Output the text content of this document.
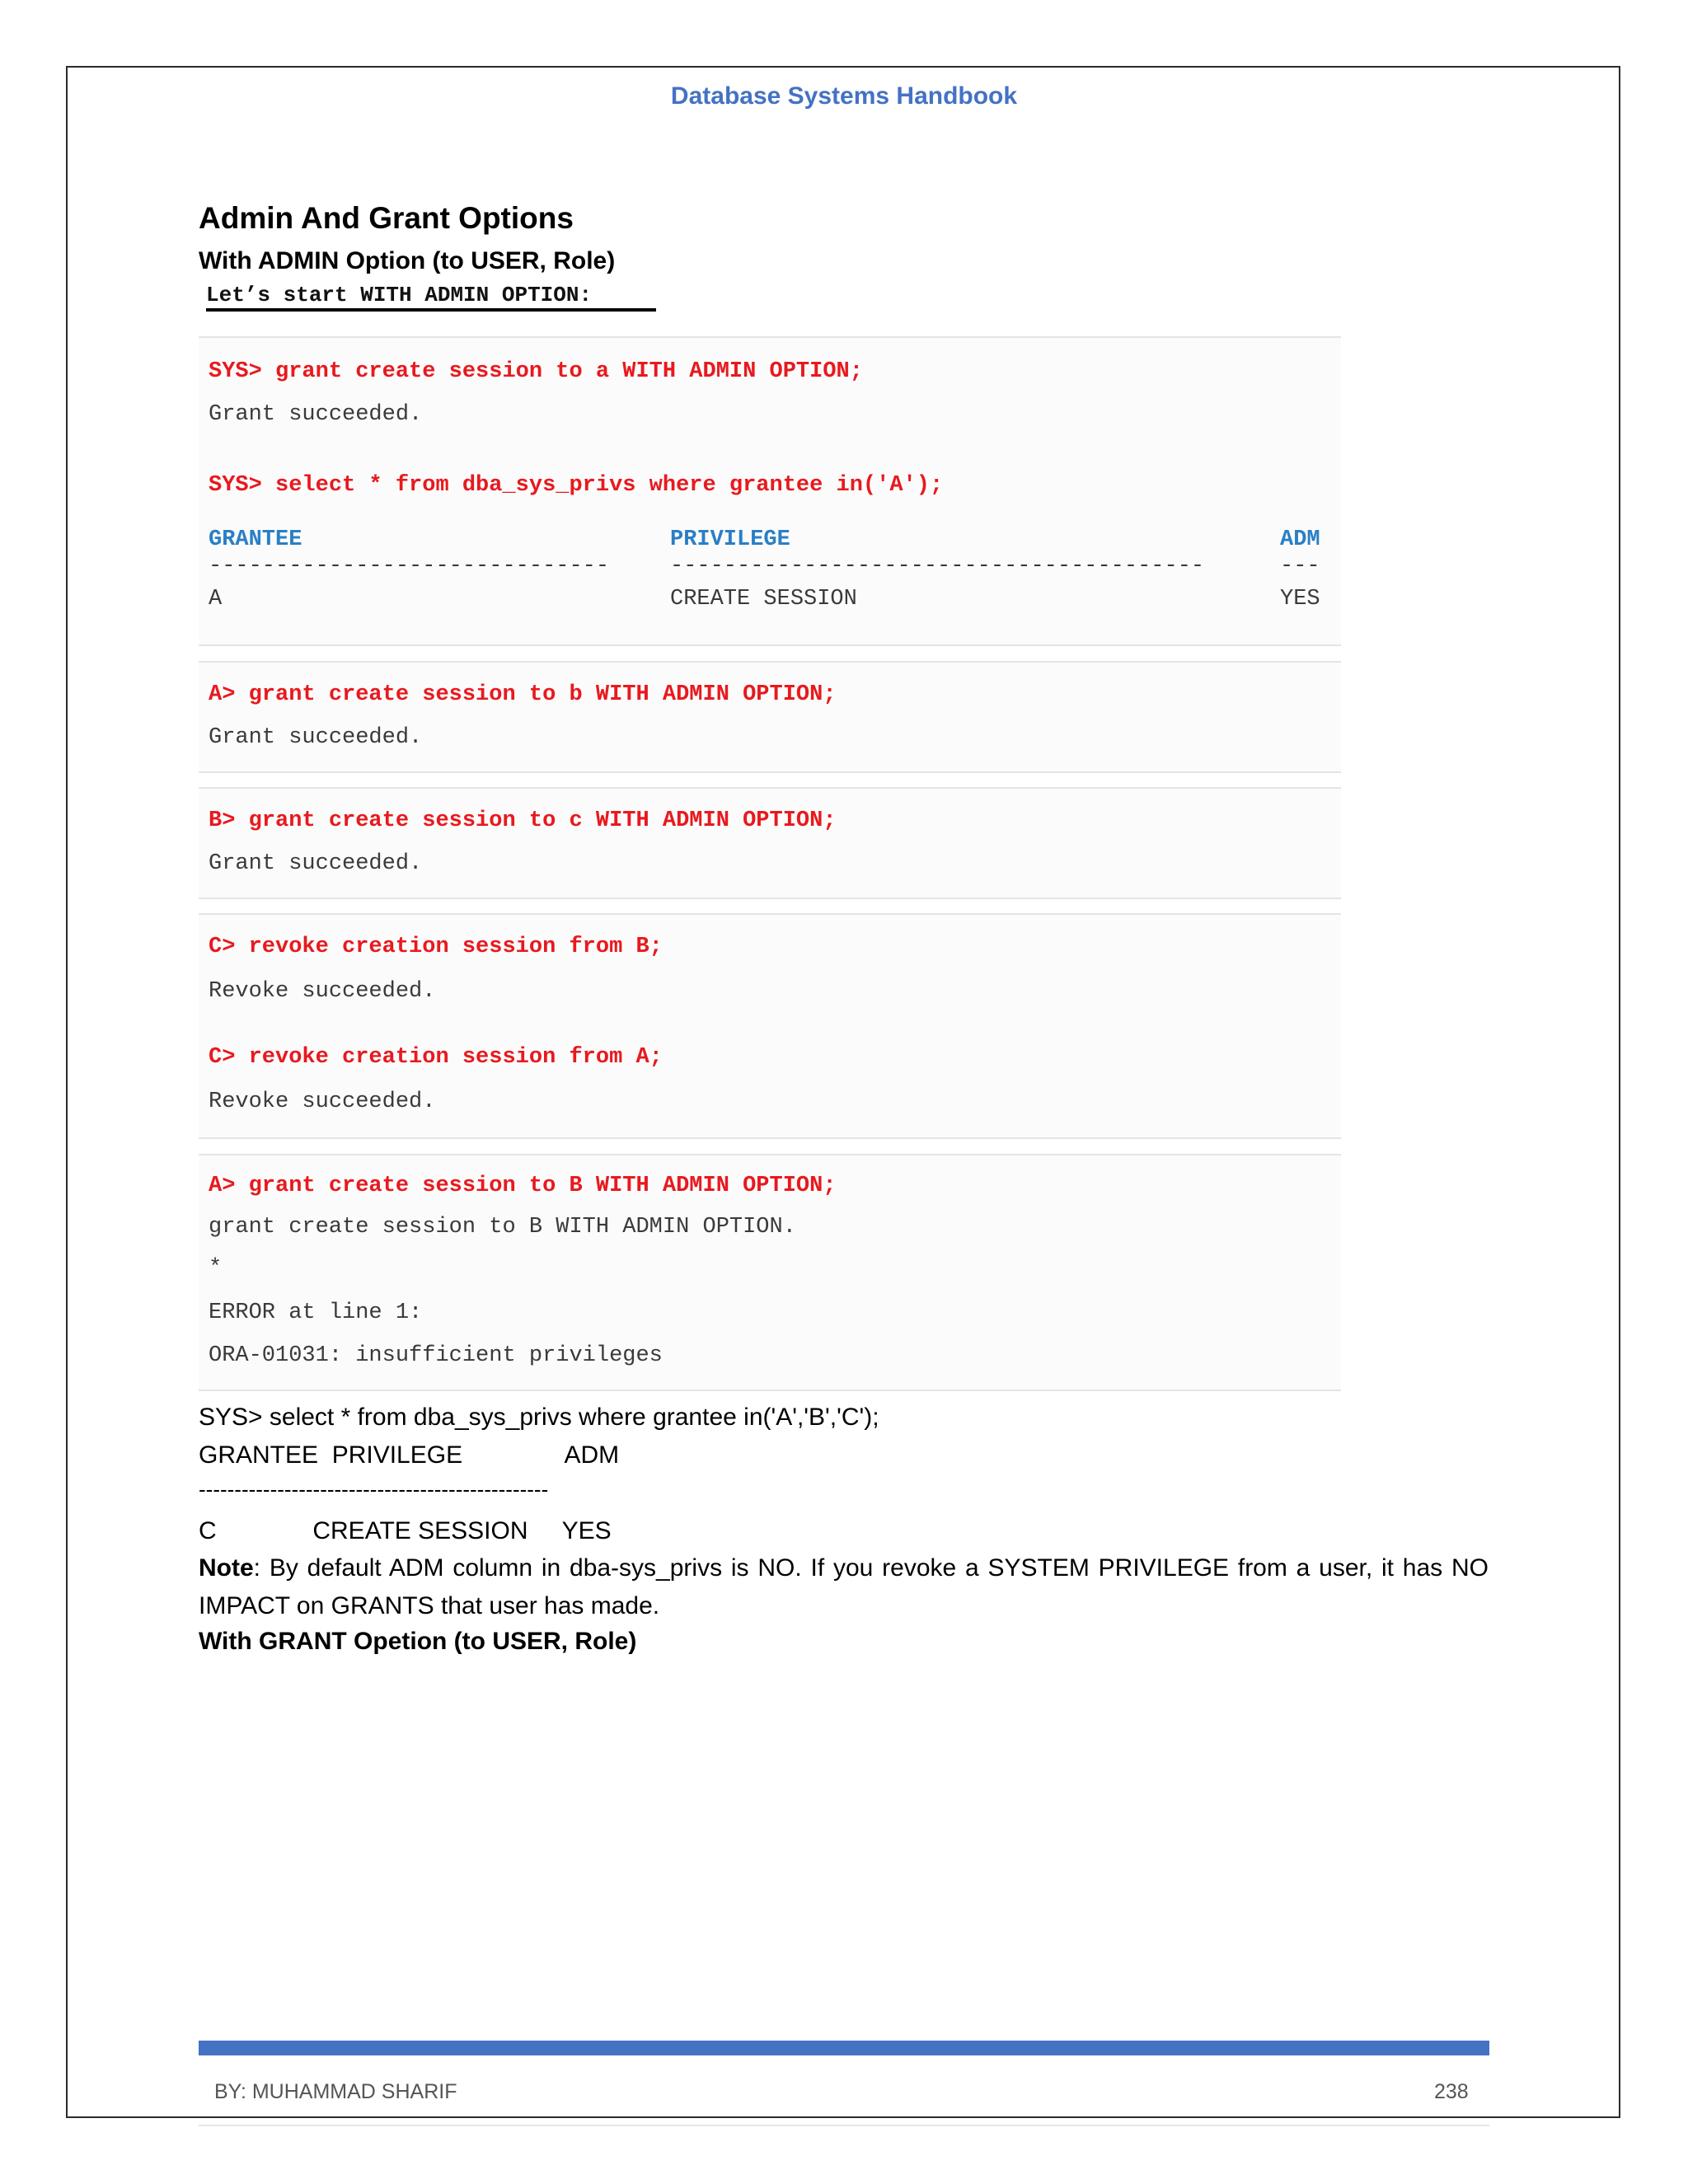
Database Systems Handbook
Admin And Grant Options
With ADMIN Option (to USER, Role)
Let’s start WITH ADMIN OPTION:
SYS> grant create session to a WITH ADMIN OPTION;
Grant succeeded.
SYS> select * from dba_sys_privs where grantee in('A');
GRANTEE	PRIVILEGE	ADM
------------------------------	----------------------------------------	---
A	CREATE SESSION	YES
A> grant create session to b WITH ADMIN OPTION;
Grant succeeded.
B> grant create session to c WITH ADMIN OPTION;
Grant succeeded.
C> revoke creation session from B;
Revoke succeeded.
C> revoke creation session from A;
Revoke succeeded.
A> grant create session to B WITH ADMIN OPTION;
grant create session to B WITH ADMIN OPTION.
*
ERROR at line 1:
ORA-01031: insufficient privileges
SYS> select * from dba_sys_privs where grantee in('A','B','C');
GRANTEE  PRIVILEGE               ADM
-------------------------------------------------
C              CREATE SESSION     YES
Note: By default ADM column in dba-sys_privs is NO. If you revoke a SYSTEM PRIVILEGE from a user, it has NO IMPACT on GRANTS that user has made.
With GRANT Opetion (to USER, Role)
BY: MUHAMMAD SHARIF	238
